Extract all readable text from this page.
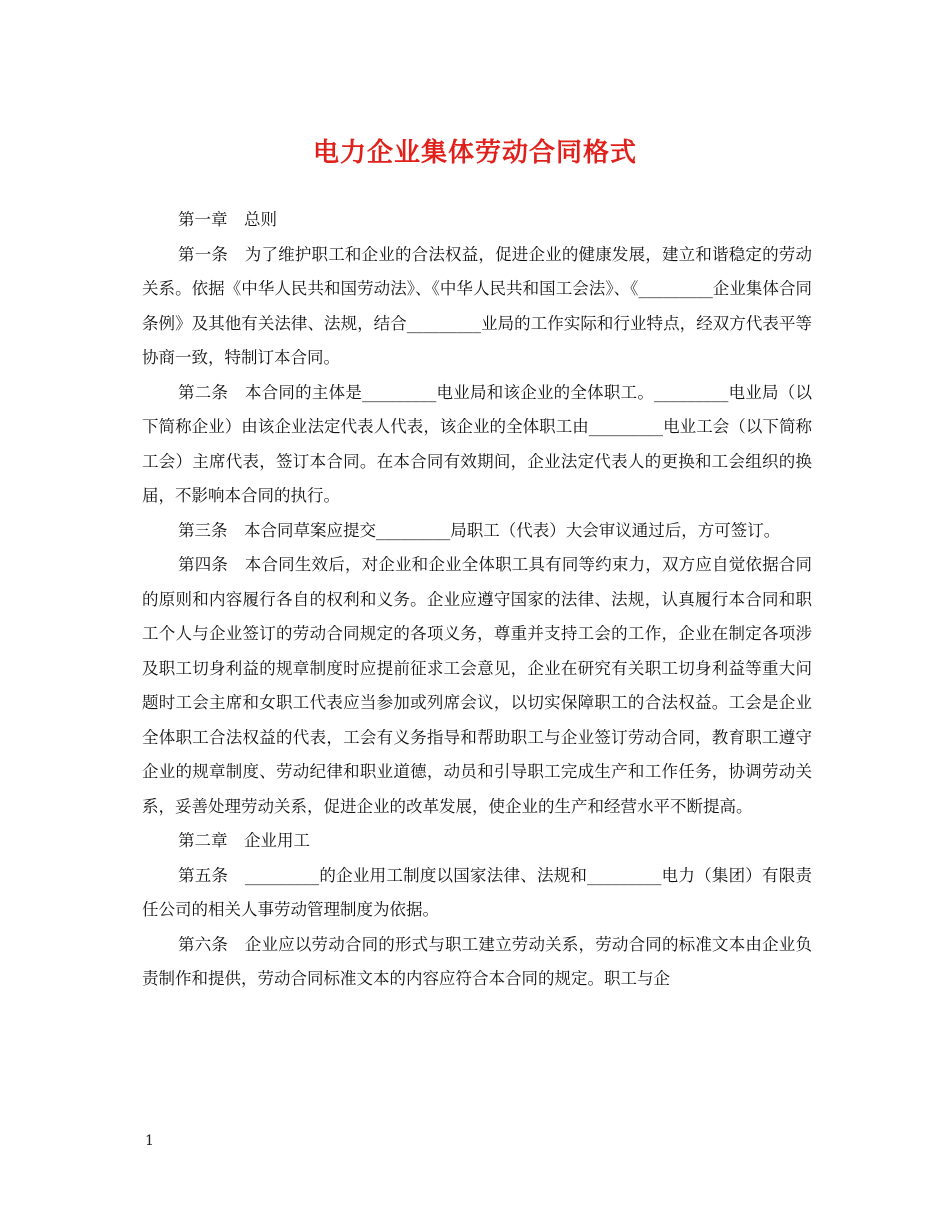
电力企业集体劳动合同格式

第一章　总则

第一条　为了维护职工和企业的合法权益，促进企业的健康发展，建立和谐稳定的劳动关系。依据《中华人民共和国劳动法》、《中华人民共和国工会法》、《_________企业集体合同条例》及其他有关法律、法规，结合_________业局的工作实际和行业特点，经双方代表平等协商一致，特制订本合同。

第二条　本合同的主体是_________电业局和该企业的全体职工。_________电业局（以下简称企业）由该企业法定代表人代表，该企业的全体职工由_________电业工会（以下简称工会）主席代表，签订本合同。在本合同有效期间，企业法定代表人的更换和工会组织的换届，不影响本合同的执行。

第三条　本合同草案应提交_________局职工（代表）大会审议通过后，方可签订。

第四条　本合同生效后，对企业和企业全体职工具有同等约束力，双方应自觉依据合同的原则和内容履行各自的权利和义务。企业应遵守国家的法律、法规，认真履行本合同和职工个人与企业签订的劳动合同规定的各项义务，尊重并支持工会的工作，企业在制定各项涉及职工切身利益的规章制度时应提前征求工会意见，企业在研究有关职工切身利益等重大问题时工会主席和女职工代表应当参加或列席会议，以切实保障职工的合法权益。工会是企业全体职工合法权益的代表，工会有义务指导和帮助职工与企业签订劳动合同，教育职工遵守企业的规章制度、劳动纪律和职业道德，动员和引导职工完成生产和工作任务，协调劳动关系，妥善处理劳动关系，促进企业的改革发展，使企业的生产和经营水平不断提高。

第二章　企业用工

第五条　_________的企业用工制度以国家法律、法规和_________电力（集团）有限责任公司的相关人事劳动管理制度为依据。

第六条　企业应以劳动合同的形式与职工建立劳动关系，劳动合同的标准文本由企业负责制作和提供，劳动合同标准文本的内容应符合本合同的规定。职工与企

1
